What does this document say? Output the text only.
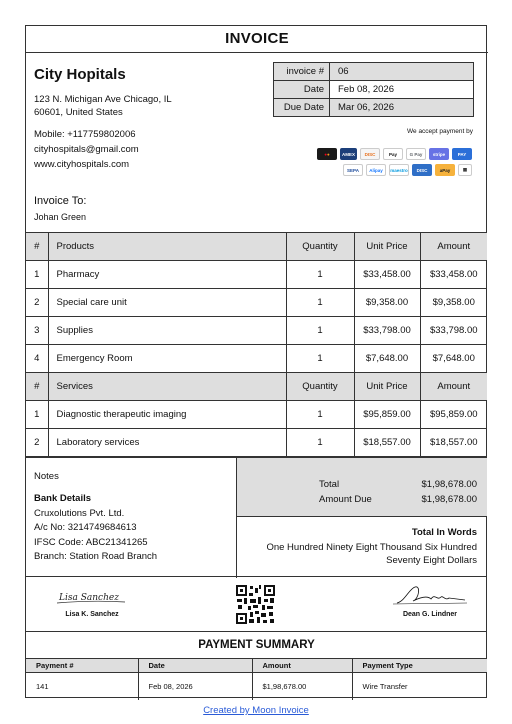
INVOICE
City Hopitals
123 N. Michigan Ave Chicago, IL
60601, United States
Mobile: +117759802006
cityhospitals@gmail.com
www.cityhospitals.com
invoice #	06
Date	Feb 08, 2026
Due Date	Mar 06, 2026
We accept payment by
● ●	AMEX	DISC	Pay	G Pay	stripe	PAY
SEPA	Alipay	maestro	DISC	aPay	▦
Invoice To:
Johan Green
#	Products	Quantity	Unit Price	Amount
1	Pharmacy	1	$33,458.00	$33,458.00
2	Special care unit	1	$9,358.00	$9,358.00
3	Supplies	1	$33,798.00	$33,798.00
4	Emergency Room	1	$7,648.00	$7,648.00
#	Services	Quantity	Unit Price	Amount
1	Diagnostic therapeutic imaging	1	$95,859.00	$95,859.00
2	Laboratory services	1	$18,557.00	$18,557.00
Notes
Bank Details
Cruxolutions Pvt. Ltd.
A/c No: 3214749684613
IFSC Code: ABC21341265
Branch: Station Road Branch
Total	$1,98,678.00
Amount Due	$1,98,678.00
Total In Words
One Hundred Ninety Eight Thousand Six Hundred Seventy Eight Dollars
Lisa Sanchez
Lisa K. Sanchez	Dean G. Lindner
PAYMENT SUMMARY
Payment #	Date	Amount	Payment Type
141	Feb 08, 2026	$1,98,678.00	Wire Transfer
Created by Moon Invoice
